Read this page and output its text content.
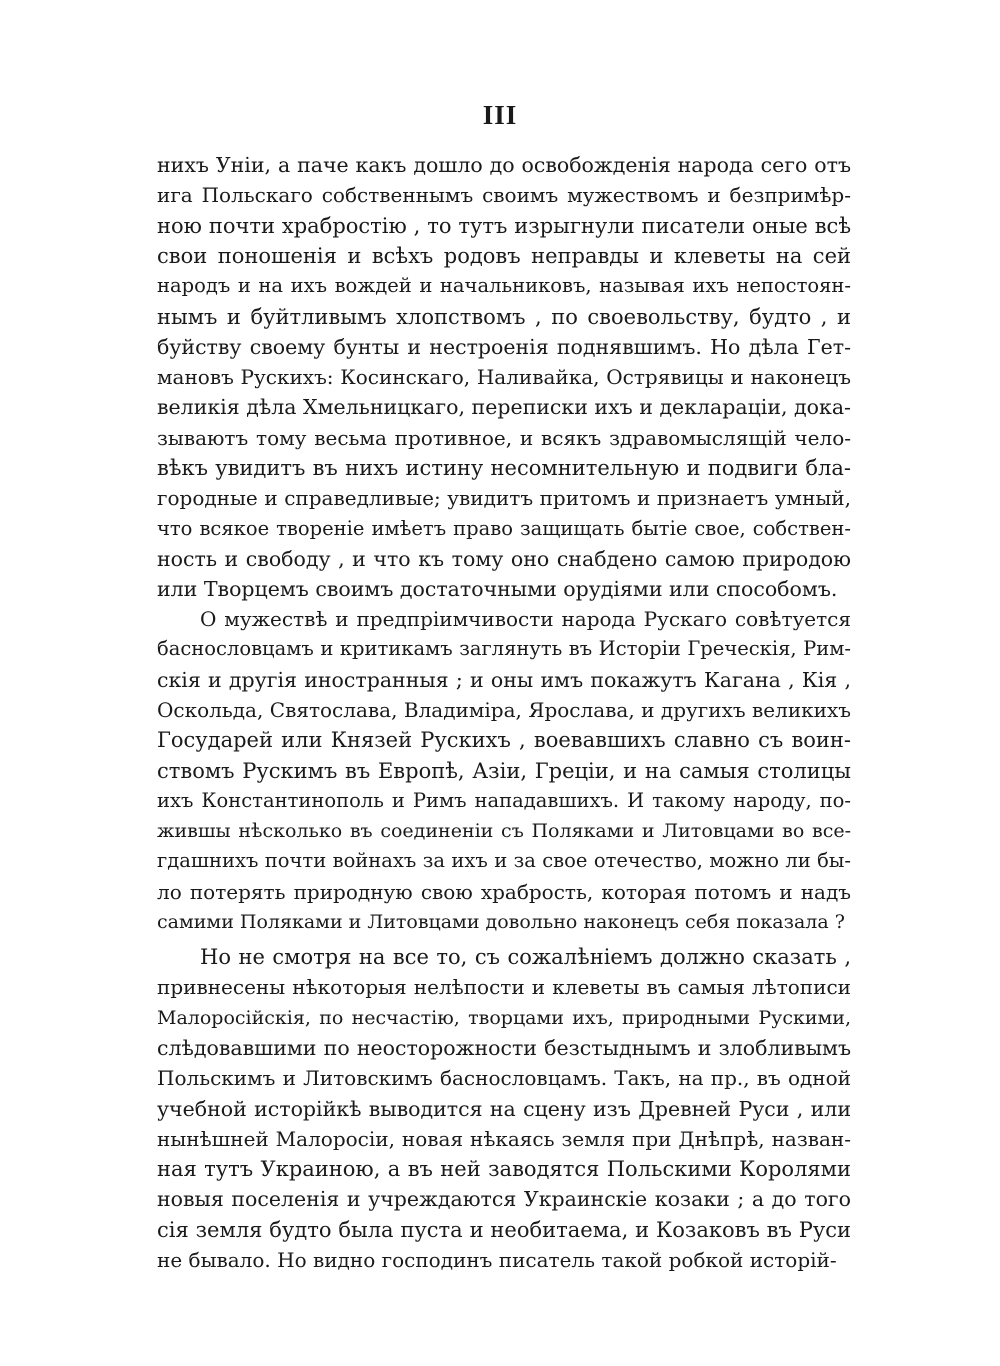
III
нихъ Уніи, а паче какъ дошло до освобожденія народа сего отъ
ига Польскаго собственнымъ своимъ мужествомъ и безпримѣр-
ною почти храбростію , то тутъ изрыгнули писатели оные всѣ
свои поношенія и всѣхъ родовъ неправды и клеветы на сей
народъ и на ихъ вождей и начальниковъ, называя ихъ непостоян-
нымъ и буйтливымъ хлопствомъ , по своевольству, будто , и
буйству своему бунты и нестроенія поднявшимъ. Но дѣла Гет-
мановъ Рускихъ: Косинскаго, Наливайка, Острявицы и наконецъ
великія дѣла Хмельницкаго, переписки ихъ и деклараціи, дока-
зываютъ тому весьма противное, и всякъ здравомыслящій чело-
вѣкъ увидитъ въ нихъ истину несомнительную и подвиги бла-
городные и справедливые; увидитъ притомъ и признаетъ умный,
что всякое твореніе имѣетъ право защищать бытіе свое, собствен-
ность и свободу , и что къ тому оно снабдено самою природою
или Творцемъ своимъ достаточными орудіями или способомъ.
О мужествѣ и предпріимчивости народа Рускаго совѣтуется
баснословцамъ и критикамъ заглянуть въ Исторіи Греческія, Рим-
скія и другія иностранныя ; и оны имъ покажутъ Кагана , Кія ,
Оскольда, Святослава, Владиміра, Ярослава, и другихъ великихъ
Государей или Князей Рускихъ , воевавшихъ славно съ воин-
ствомъ Рускимъ въ Европѣ, Азіи, Греціи, и на самыя столицы
ихъ Константинополь и Римъ нападавшихъ. И такому народу, по-
жившы нѣсколько въ соединеніи съ Поляками и Литовцами во все-
гдашнихъ почти войнахъ за ихъ и за свое отечество, можно ли бы-
ло потерять природную свою храбрость, которая потомъ и надъ
самими Поляками и Литовцами довольно наконецъ себя показала ?
Но не смотря на все то, съ сожалѣніемъ должно сказать ,
привнесены нѣкоторыя нелѣпости и клеветы въ самыя лѣтописи
Малоросійскія, по несчастію, творцами ихъ, природными Рускими,
слѣдовавшими по неосторожности безстыднымъ и злобливымъ
Польскимъ и Литовскимъ баснословцамъ. Такъ, на пр., въ одной
учебной исторійкѣ выводится на сцену изъ Древней Руси , или
нынѣшней Малоросіи, новая нѣкаясь земля при Днѣпрѣ, назван-
ная тутъ Украиною, а въ ней заводятся Польскими Королями
новыя поселенія и учреждаются Украинскіе козаки ; а до того
сія земля будто была пуста и необитаема, и Козаковъ въ Руси
не бывало. Но видно господинъ писатель такой робкой исторій-
